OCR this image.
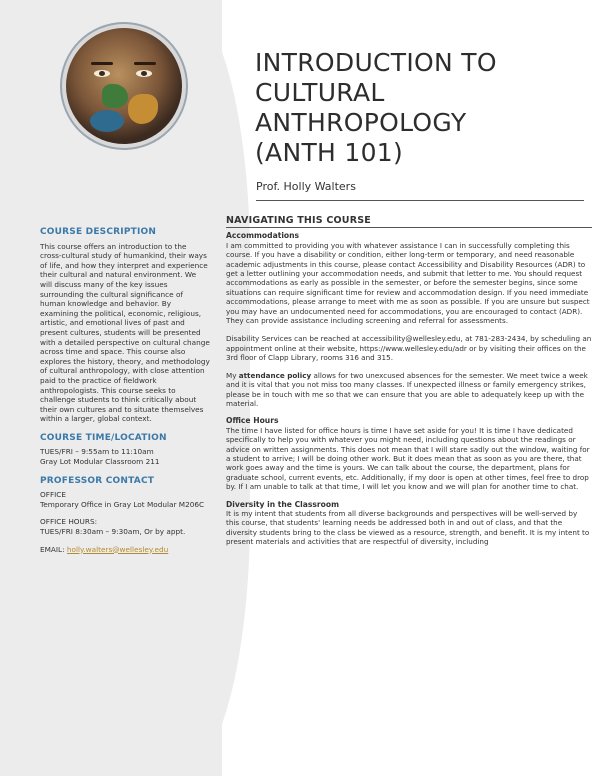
COURSE DESCRIPTION

This course offers an introduction to the cross-cultural study of humankind, their ways of life, and how they interpret and experience their cultural and natural environment. We will discuss many of the key issues surrounding the cultural significance of human knowledge and behavior. By examining the political, economic, religious, artistic, and emotional lives of past and present cultures, students will be presented with a detailed perspective on cultural change across time and space. This course also explores the history, theory, and methodology of cultural anthropology, with close attention paid to the practice of fieldwork anthropologists. This course seeks to challenge students to think critically about their own cultures and to situate themselves within a larger, global context.

COURSE TIME/LOCATION

TUES/FRI – 9:55am to 11:10am

Gray Lot Modular Classroom 211

PROFESSOR CONTACT

OFFICE

Temporary Office in Gray Lot Modular M206C

OFFICE HOURS:

TUES/FRI 8:30am – 9:30am, Or by appt.

EMAIL: holly.walters@wellesley.edu

INTRODUCTION TO
CULTURAL
ANTHROPOLOGY
(ANTH 101)
Prof. Holly Walters
NAVIGATING THIS COURSE
Accommodations

I am committed to providing you with whatever assistance I can in successfully completing this course. If you have a disability or condition, either long-term or temporary, and need reasonable academic adjustments in this course, please contact Accessibility and Disability Resources (ADR) to get a letter outlining your accommodation needs, and submit that letter to me. You should request accommodations as early as possible in the semester, or before the semester begins, since some situations can require significant time for review and accommodation design. If you need immediate accommodations, please arrange to meet with me as soon as possible. If you are unsure but suspect you may have an undocumented need for accommodations, you are encouraged to contact (ADR). They can provide assistance including screening and referral for assessments.

Disability Services can be reached at accessibility@wellesley.edu, at 781-283-2434, by scheduling an appointment online at their website, https://www.wellesley.edu/adr or by visiting their offices on the 3rd floor of Clapp Library, rooms 316 and 315.

My attendance policy allows for two unexcused absences for the semester. We meet twice a week and it is vital that you not miss too many classes. If unexpected illness or family emergency strikes, please be in touch with me so that we can ensure that you are able to adequately keep up with the material.

Office Hours

The time I have listed for office hours is time I have set aside for you! It is time I have dedicated specifically to help you with whatever you might need, including questions about the readings or advice on written assignments. This does not mean that I will stare sadly out the window, waiting for a student to arrive; I will be doing other work. But it does mean that as soon as you are there, that work goes away and the time is yours. We can talk about the course, the department, plans for graduate school, current events, etc. Additionally, if my door is open at other times, feel free to drop by. If I am unable to talk at that time, I will let you know and we will plan for another time to chat.

Diversity in the Classroom

It is my intent that students from all diverse backgrounds and perspectives will be well-served by this course, that students' learning needs be addressed both in and out of class, and that the diversity students bring to the class be viewed as a resource, strength, and benefit. It is my intent to present materials and activities that are respectful of diversity, including
